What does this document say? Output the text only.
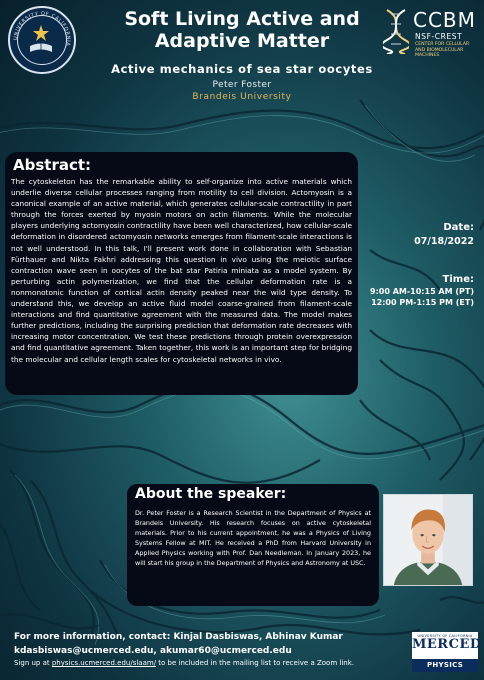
UNIVERSITY OF CALIFORNIA
Soft Living Active and
Adaptive Matter
Active mechanics of sea star oocytes
Peter Foster
Brandeis University
CCBM
NSF-CREST
CENTER FOR CELLULAR AND BIOMOLECULAR MACHINES
Abstract:
The cytoskeleton has the remarkable ability to self-organize into active materials which underlie diverse cellular processes ranging from motility to cell division. Actomyosin is a canonical example of an active material, which generates cellular-scale contractility in part through the forces exerted by myosin motors on actin filaments. While the molecular players underlying actomyosin contractility have been well characterized, how cellular-scale deformation in disordered actomyosin networks emerges from filament-scale interactions is not well understood. In this talk, I'll present work done in collaboration with Sebastian Fürthauer and Nikta Fakhri addressing this question in vivo using the meiotic surface contraction wave seen in oocytes of the bat star Patiria miniata as a model system. By perturbing actin polymerization, we find that the cellular deformation rate is a nonmonotonic function of cortical actin density peaked near the wild type density. To understand this, we develop an active fluid model coarse-grained from filament-scale interactions and find quantitative agreement with the measured data. The model makes further predictions, including the surprising prediction that deformation rate decreases with increasing motor concentration. We test these predictions through protein overexpression and find quantitative agreement. Taken together, this work is an important step for bridging the molecular and cellular length scales for cytoskeletal networks in vivo.
Date:
07/18/2022
Time:
9:00 AM-10:15 AM (PT)
12:00 PM-1:15 PM (ET)
About the speaker:
Dr. Peter Foster is a Research Scientist in the Department of Physics at Brandeis University. His research focuses on active cytoskeletal materials. Prior to his current appointment, he was a Physics of Living Systems Fellow at MIT. He received a PhD from Harvard University in Applied Physics working with Prof. Dan Needleman. In January 2023, he will start his group in the Department of Physics and Astronomy at USC.
For more information, contact: Kinjal Dasbiswas, Abhinav Kumar
kdasbiswas@ucmerced.edu, akumar60@ucmerced.edu
Sign up at physics.ucmerced.edu/slaam/ to be included in the mailing list to receive a Zoom link.
UNIVERSITY OF CALIFORNIA
MERCED
PHYSICS
